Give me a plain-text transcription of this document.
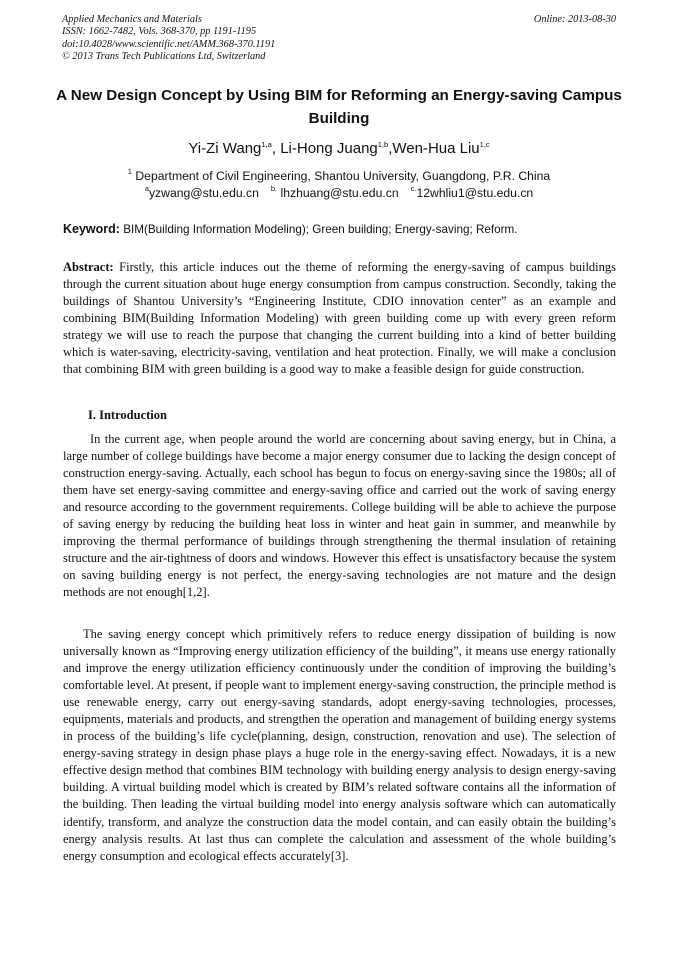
Applied Mechanics and Materials
ISSN: 1662-7482, Vols. 368-370, pp 1191-1195
doi:10.4028/www.scientific.net/AMM.368-370.1191
© 2013 Trans Tech Publications Ltd, Switzerland
Online: 2013-08-30
A New Design Concept by Using BIM for Reforming an Energy-saving Campus Building
Yi-Zi Wang$^{1,a}$, Li-Hong Juang$^{1,b}$,Wen-Hua Liu$^{1,c}$
$^1$ Department of Civil Engineering, Shantou University, Guangdong, P.R. China
$^a$yzwang@stu.edu.cn $^{b.}$ lhzhuang@stu.edu.cn $^{c.}$12whliu1@stu.edu.cn
Keyword: BIM(Building Information Modeling); Green building; Energy-saving; Reform.
Abstract: Firstly, this article induces out the theme of reforming the energy-saving of campus buildings through the current situation about huge energy consumption from campus construction. Secondly, taking the buildings of Shantou University’s “Engineering Institute, CDIO innovation center” as an example and combining BIM(Building Information Modeling) with green building come up with every green reform strategy we will use to reach the purpose that changing the current building into a kind of better building which is water-saving, electricity-saving, ventilation and heat protection. Finally, we will make a conclusion that combining BIM with green building is a good way to make a feasible design for guide construction.
I. Introduction

In the current age, when people around the world are concerning about saving energy, but in China, a large number of college buildings have become a major energy consumer due to lacking the design concept of construction energy-saving. Actually, each school has begun to focus on energy-saving since the 1980s; all of them have set energy-saving committee and energy-saving office and carried out the work of saving energy and resource according to the government requirements. College building will be able to achieve the purpose of saving energy by reducing the building heat loss in winter and heat gain in summer, and meanwhile by improving the thermal performance of buildings through strengthening the thermal insulation of retaining structure and the air-tightness of doors and windows. However this effect is unsatisfactory because the system on saving building energy is not perfect, the energy-saving technologies are not mature and the design methods are not enough[1,2].

The saving energy concept which primitively refers to reduce energy dissipation of building is now universally known as “Improving energy utilization efficiency of the building”, it means use energy rationally and improve the energy utilization efficiency continuously under the condition of improving the building’s comfortable level. At present, if people want to implement energy-saving construction, the principle method is use renewable energy, carry out energy-saving standards, adopt energy-saving technologies, processes, equipments, materials and products, and strengthen the operation and management of building energy systems in process of the building’s life cycle(planning, design, construction, renovation and use). The selection of energy-saving strategy in design phase plays a huge role in the energy-saving effect. Nowadays, it is a new effective design method that combines BIM technology with building energy analysis to design energy-saving building. A virtual building model which is created by BIM’s related software contains all the information of the building. Then leading the virtual building model into energy analysis software which can automatically identify, transform, and analyze the construction data the model contain, and can easily obtain the building’s energy analysis results. At last thus can complete the calculation and assessment of the whole building’s energy consumption and ecological effects accurately[3].
